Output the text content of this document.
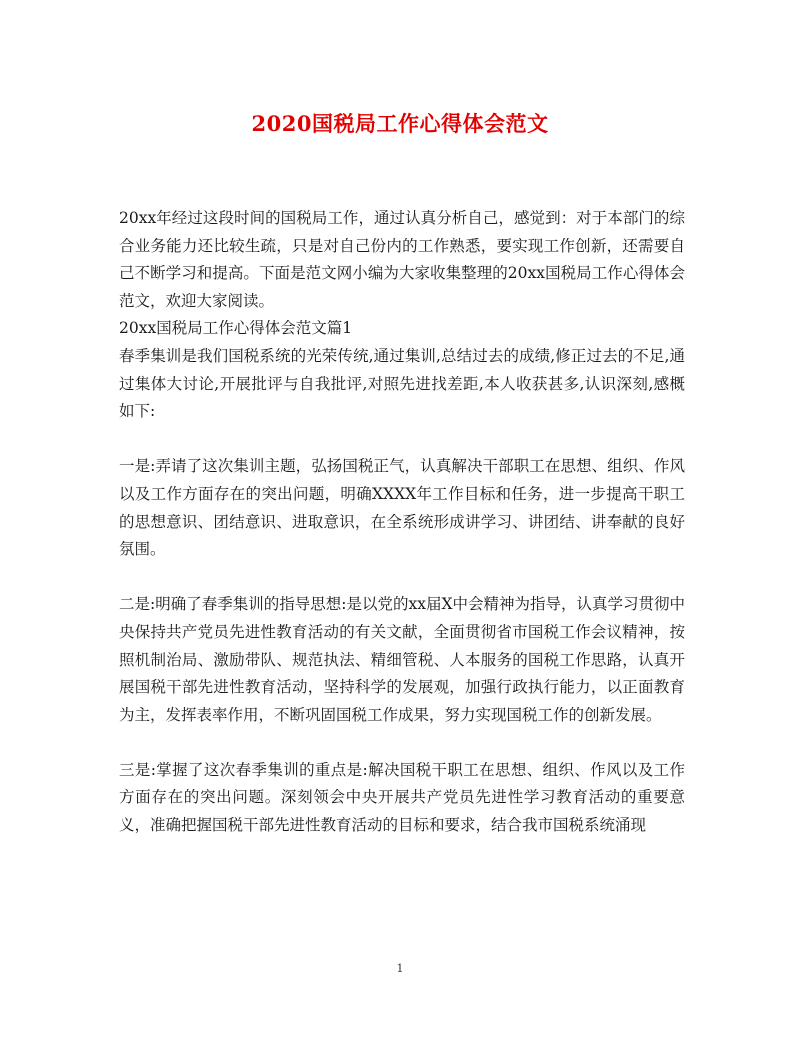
2020国税局工作心得体会范文

20xx年经过这段时间的国税局工作，通过认真分析自己，感觉到：对于本部门的综合业务能力还比较生疏，只是对自己份内的工作熟悉，要实现工作创新，还需要自己不断学习和提高。下面是范文网小编为大家收集整理的20xx国税局工作心得体会范文，欢迎大家阅读。

20xx国税局工作心得体会范文篇1

春季集训是我们国税系统的光荣传统,通过集训,总结过去的成绩,修正过去的不足,通过集体大讨论,开展批评与自我批评,对照先进找差距,本人收获甚多,认识深刻,感概如下:

一是:弄请了这次集训主题，弘扬国税正气，认真解决干部职工在思想、组织、作风以及工作方面存在的突出问题，明确XXXX年工作目标和任务，进一步提高干职工的思想意识、团结意识、进取意识，在全系统形成讲学习、讲团结、讲奉献的良好氛围。

二是:明确了春季集训的指导思想:是以党的xx届X中会精神为指导，认真学习贯彻中央保持共产党员先进性教育活动的有关文献，全面贯彻省市国税工作会议精神，按照机制治局、激励带队、规范执法、精细管税、人本服务的国税工作思路，认真开展国税干部先进性教育活动，坚持科学的发展观，加强行政执行能力，以正面教育为主，发挥表率作用，不断巩固国税工作成果，努力实现国税工作的创新发展。

三是:掌握了这次春季集训的重点是:解决国税干职工在思想、组织、作风以及工作方面存在的突出问题。深刻领会中央开展共产党员先进性学习教育活动的重要意义，准确把握国税干部先进性教育活动的目标和要求，结合我市国税系统涌现

1
